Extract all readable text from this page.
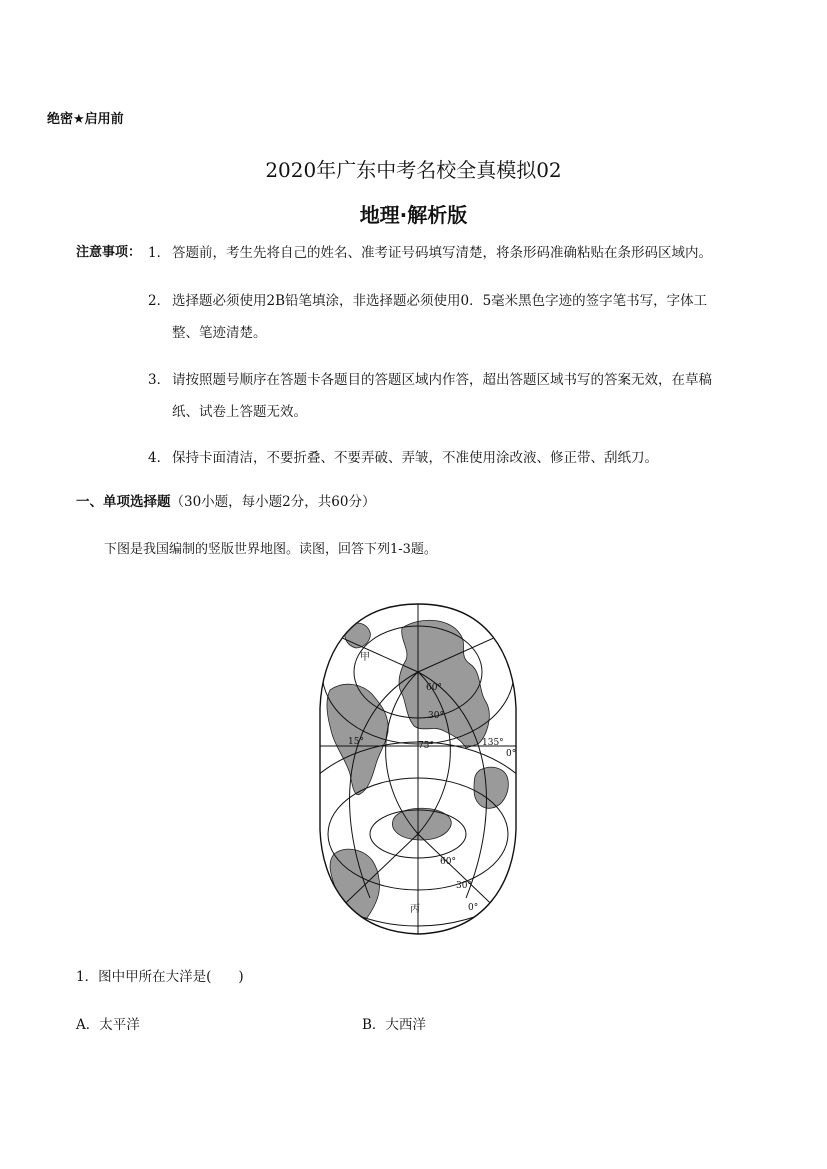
绝密★启用前
2020年广东中考名校全真模拟02
地理·解析版
注意事项： 1． 答题前，考生先将自己的姓名、准考证号码填写清楚，将条形码准确粘贴在条形码区域内。
2． 选择题必须使用2B铅笔填涂，非选择题必须使用0．5毫米黑色字迹的签字笔书写，字体工
整、笔迹清楚。
3． 请按照题号顺序在答题卡各题目的答题区域内作答，超出答题区域书写的答案无效，在草稿
纸、试卷上答题无效。
4． 保持卡面清洁，不要折叠、不要弄破、弄皱，不准使用涂改液、修正带、刮纸刀。
一、单项选择题（30小题，每小题2分，共60分）
下图是我国编制的竖版世界地图。读图，回答下列1-3题。
甲
60°
30°
15°	75°	135°
0°
60°
30°
0°
丙
1．图中甲所在大洋是(　　)
A．太平洋	B．大西洋
